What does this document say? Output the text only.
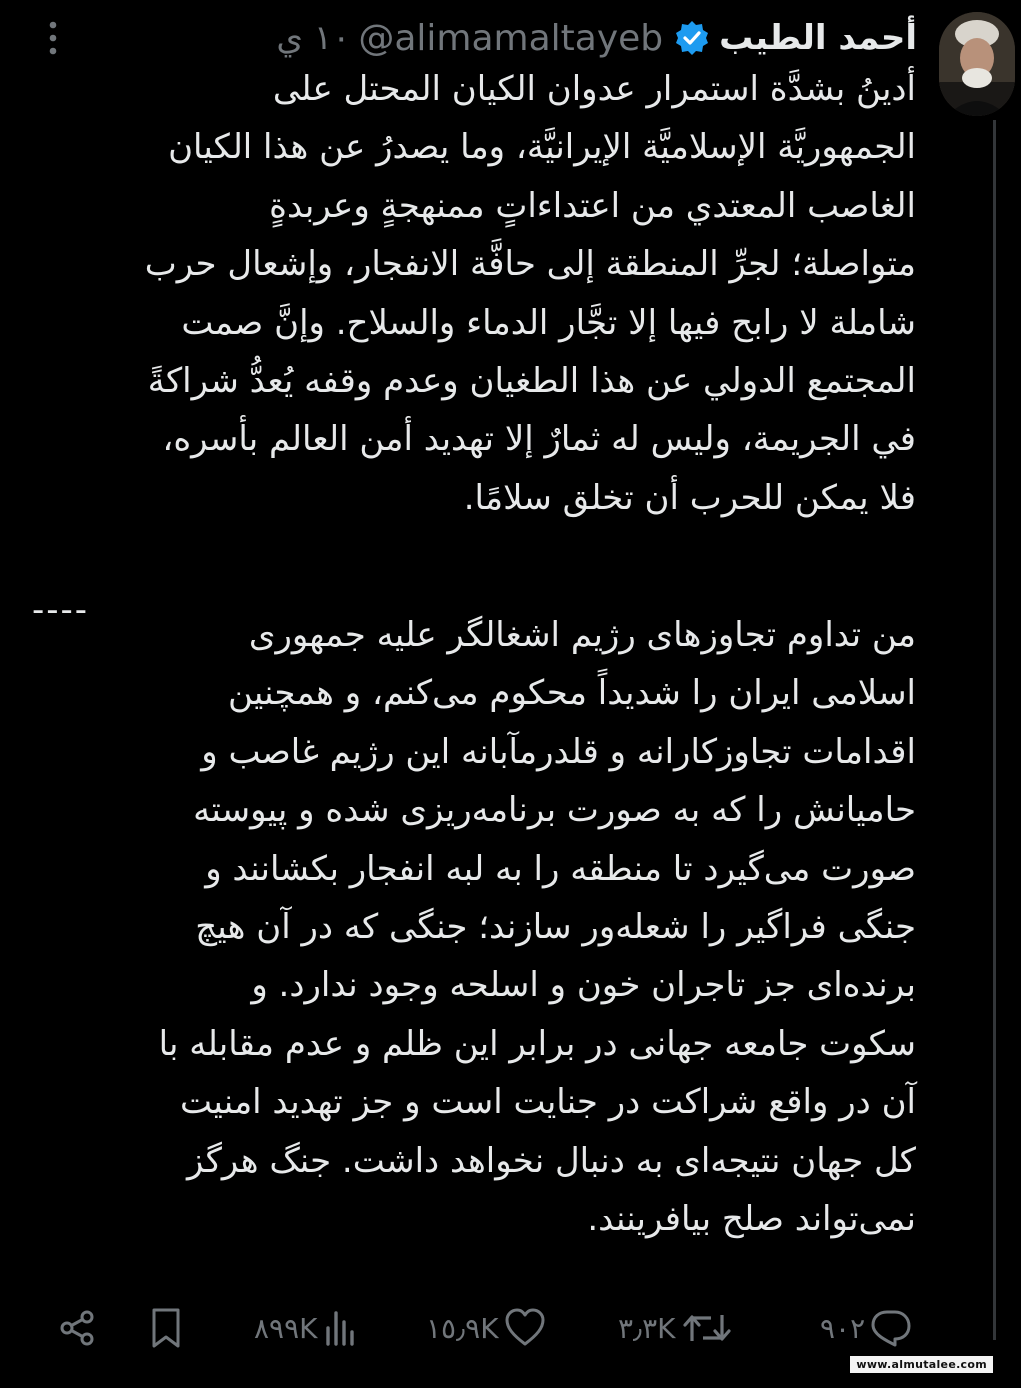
أحمد الطيب
@alimamaltayeb
١٠ ي

أدينُ بشدَّة استمرار عدوان الكيان المحتل على

الجمهوريَّة الإسلاميَّة الإيرانيَّة، وما يصدرُ عن هذا الكيان

الغاصب المعتدي من اعتداءاتٍ ممنهجةٍ وعربدةٍ

متواصلة؛ لجرِّ المنطقة إلى حافَّة الانفجار، وإشعال حرب

شاملة لا رابح فيها إلا تجَّار الدماء والسلاح. وإنَّ صمت

المجتمع الدولي عن هذا الطغيان وعدم وقفه يُعدُّ شراكةً

في الجريمة، وليس له ثمارٌ إلا تهديد أمن العالم بأسره،

فلا يمكن للحرب أن تخلق سلامًا.

----

من تداوم تجاوزهای رژیم اشغالگر علیه جمهوری

اسلامی ایران را شدیداً محکوم می‌کنم، و همچنین

اقدامات تجاوزکارانه و قلدرمآبانه این رژیم غاصب و

حامیانش را که به صورت برنامه‌ریزی شده و پیوسته

صورت می‌گیرد تا منطقه را به لبه انفجار بکشانند و

جنگی فراگیر را شعله‌ور سازند؛ جنگی که در آن هیچ

برنده‌ای جز تاجران خون و اسلحه وجود ندارد. و

سکوت جامعه جهانی در برابر این ظلم و عدم مقابله با

آن در واقع شراکت در جنایت است و جز تهدید امنیت

کل جهان نتیجه‌ای به دنبال نخواهد داشت. جنگ هرگز

نمی‌تواند صلح بیافرینند.

٨٩٩K	١٥٫٩K	٣٫٣K	٩٠٢
www.almutalee.com
